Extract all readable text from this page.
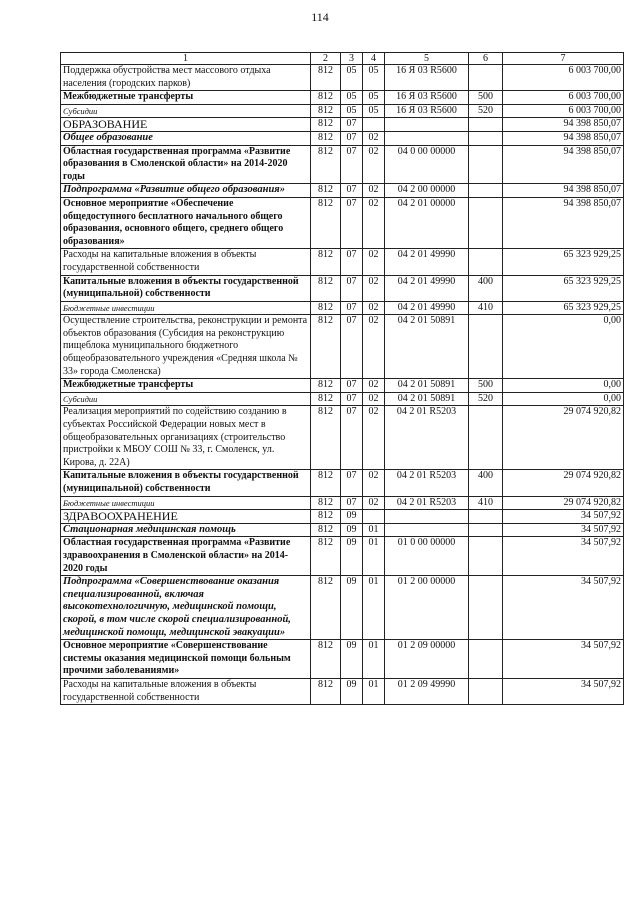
114
1	2	3	4	5	6	7
Поддержка обустройства мест массового отдыха населения (городских парков)	812	05	05	16 Я 03 R5600		6 003 700,00
Межбюджетные трансферты	812	05	05	16 Я 03 R5600	500	6 003 700,00
Субсидии	812	05	05	16 Я 03 R5600	520	6 003 700,00
ОБРАЗОВАНИЕ	812	07				94 398 850,07
Общее образование	812	07	02			94 398 850,07
Областная государственная программа «Развитие образования в Смоленской области» на 2014-2020 годы	812	07	02	04 0 00 00000		94 398 850,07
Подпрограмма «Развитие общего образования»	812	07	02	04 2 00 00000		94 398 850,07
Основное мероприятие «Обеспечение общедоступного бесплатного начального общего образования, основного общего, среднего общего образования»	812	07	02	04 2 01 00000		94 398 850,07
Расходы на капитальные вложения в объекты государственной собственности	812	07	02	04 2 01 49990		65 323 929,25
Капитальные вложения в объекты государственной (муниципальной) собственности	812	07	02	04 2 01 49990	400	65 323 929,25
Бюджетные инвестиции	812	07	02	04 2 01 49990	410	65 323 929,25
Осуществление строительства, реконструкции и ремонта объектов образования (Субсидия на реконструкцию пищеблока муниципального бюджетного общеобразовательного учреждения «Средняя школа № 33» города Смоленска)	812	07	02	04 2 01 50891		0,00
Межбюджетные трансферты	812	07	02	04 2 01 50891	500	0,00
Субсидии	812	07	02	04 2 01 50891	520	0,00
Реализация мероприятий по содействию созданию в субъектах Российской Федерации новых мест в общеобразовательных организациях (строительство пристройки к МБОУ СОШ № 33, г. Смоленск, ул. Кирова, д. 22А)	812	07	02	04 2 01 R5203		29 074 920,82
Капитальные вложения в объекты государственной (муниципальной) собственности	812	07	02	04 2 01 R5203	400	29 074 920,82
Бюджетные инвестиции	812	07	02	04 2 01 R5203	410	29 074 920,82
ЗДРАВООХРАНЕНИЕ	812	09				34 507,92
Стационарная медицинская помощь	812	09	01			34 507,92
Областная государственная программа «Развитие здравоохранения в Смоленской области» на 2014-2020 годы	812	09	01	01 0 00 00000		34 507,92
Подпрограмма «Совершенствование оказания специализированной, включая высокотехнологичную, медицинской помощи, скорой, в том числе скорой специализированной, медицинской помощи, медицинской эвакуации»	812	09	01	01 2 00 00000		34 507,92
Основное мероприятие «Совершенствование системы оказания медицинской помощи больным прочими заболеваниями»	812	09	01	01 2 09 00000		34 507,92
Расходы на капитальные вложения в объекты государственной собственности	812	09	01	01 2 09 49990		34 507,92
